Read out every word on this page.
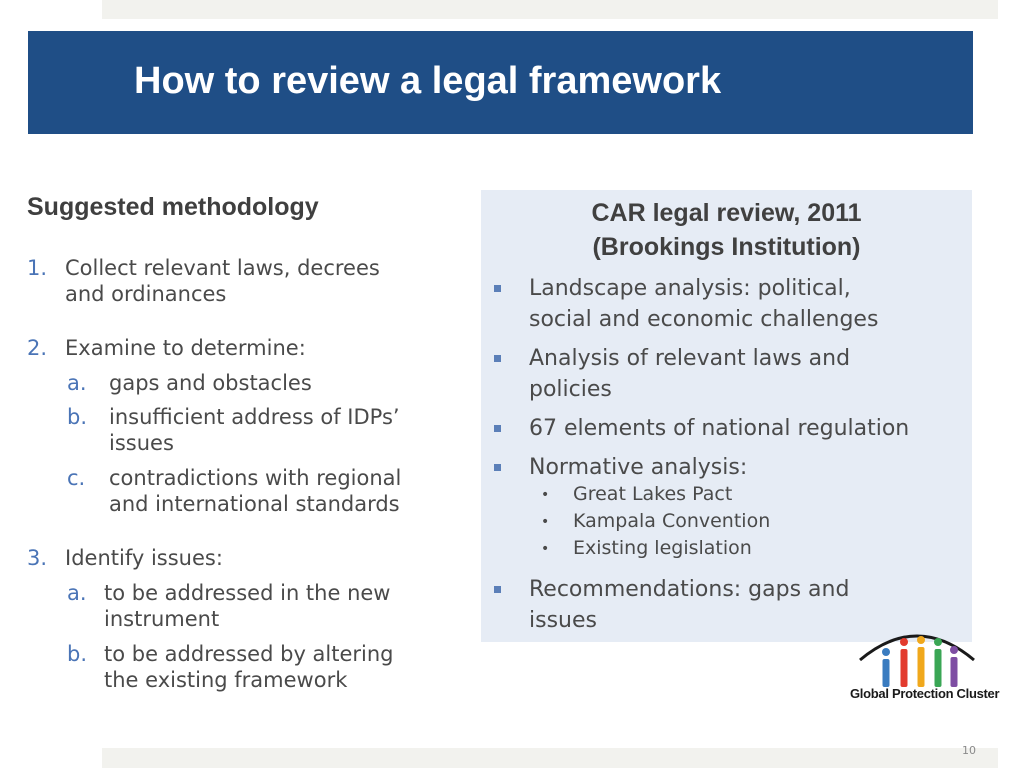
How to review a legal framework
Suggested methodology
1. Collect relevant laws, decrees
and ordinances
2. Examine to determine:
a. gaps and obstacles
b. insufficient address of IDPs’
issues
c. contradictions with regional
and international standards
3. Identify issues:
a. to be addressed in the new
instrument
b. to be addressed by altering
the existing framework
CAR legal review, 2011
(Brookings Institution)
Landscape analysis: political,
social and economic challenges
Analysis of relevant laws and
policies
67 elements of national regulation
Normative analysis:
• Great Lakes Pact
• Kampala Convention
• Existing legislation
Recommendations: gaps and
issues
Global Protection Cluster
10
